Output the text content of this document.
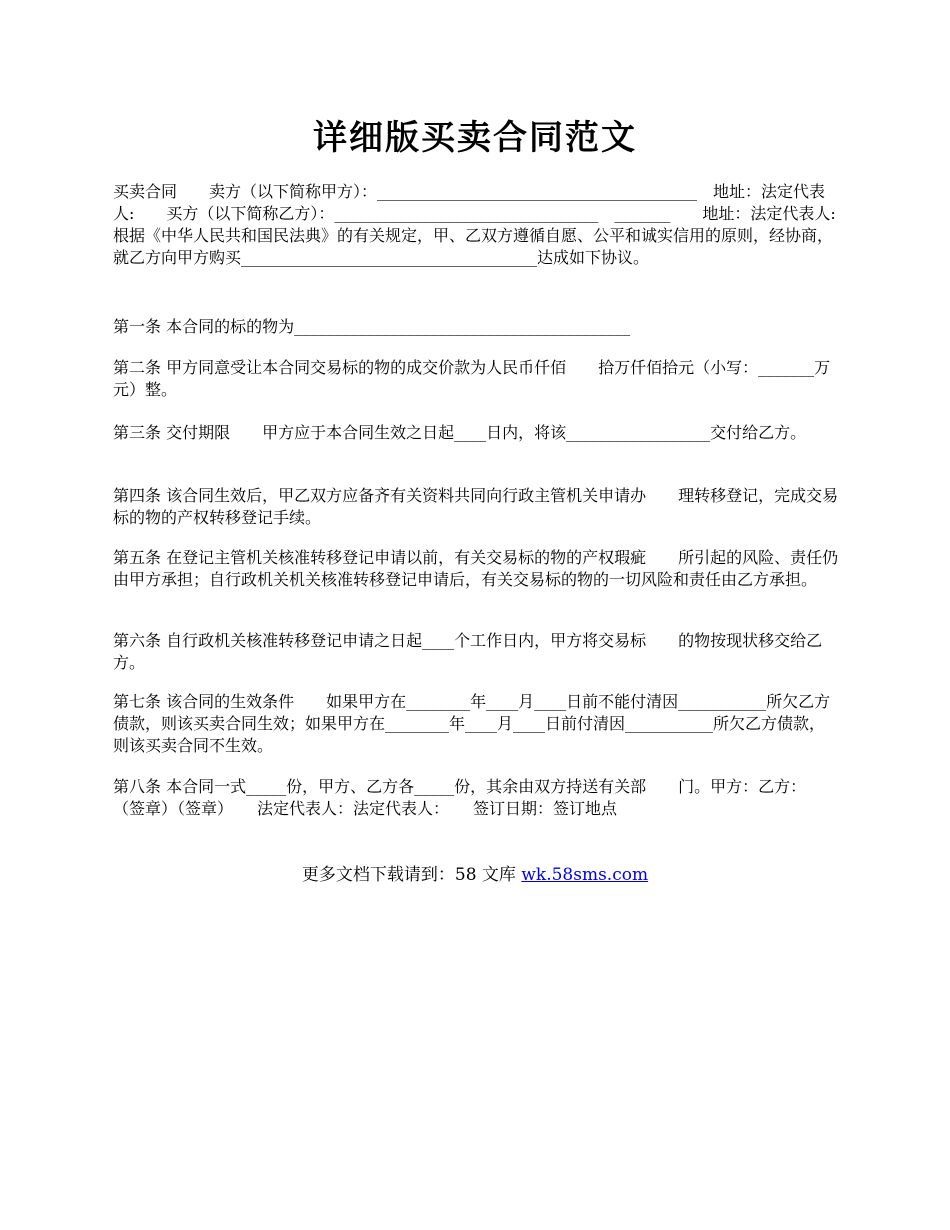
详细版买卖合同范文

买卖合同　　卖方（以下简称甲方）：________________________________________　地址：法定代表人:　　买方（以下简称乙方）：_________________________________　_______　　地址：法定代表人:　　根据《中华人民共和国民法典》的有关规定，甲、乙双方遵循自愿、公平和诚实信用的原则，经协商，就乙方向甲方购买_____________________________________达成如下协议。

第一条 本合同的标的物为__________________________________________

第二条 甲方同意受让本合同交易标的物的成交价款为人民币仟佰　　拾万仟佰拾元（小写：_______万元）整。

第三条 交付期限　　甲方应于本合同生效之日起____日内，将该__________________交付给乙方。

第四条 该合同生效后，甲乙双方应备齐有关资料共同向行政主管机关申请办　　理转移登记，完成交易标的物的产权转移登记手续。

第五条 在登记主管机关核准转移登记申请以前，有关交易标的物的产权瑕疵　　所引起的风险、责任仍由甲方承担；自行政机关机关核准转移登记申请后，有关交易标的物的一切风险和责任由乙方承担。

第六条 自行政机关核准转移登记申请之日起____个工作日内，甲方将交易标　　的物按现状移交给乙方。

第七条 该合同的生效条件　　如果甲方在________年____月____日前不能付清因___________所欠乙方债款，则该买卖合同生效；如果甲方在________年____月____日前付清因___________所欠乙方债款，则该买卖合同不生效。

第八条 本合同一式_____份，甲方、乙方各_____份，其余由双方持送有关部　　门。甲方：乙方：　　　（签章）（签章）　　法定代表人：法定代表人：　　签订日期：签订地点

更多文档下载请到：58 文库 wk.58sms.com
